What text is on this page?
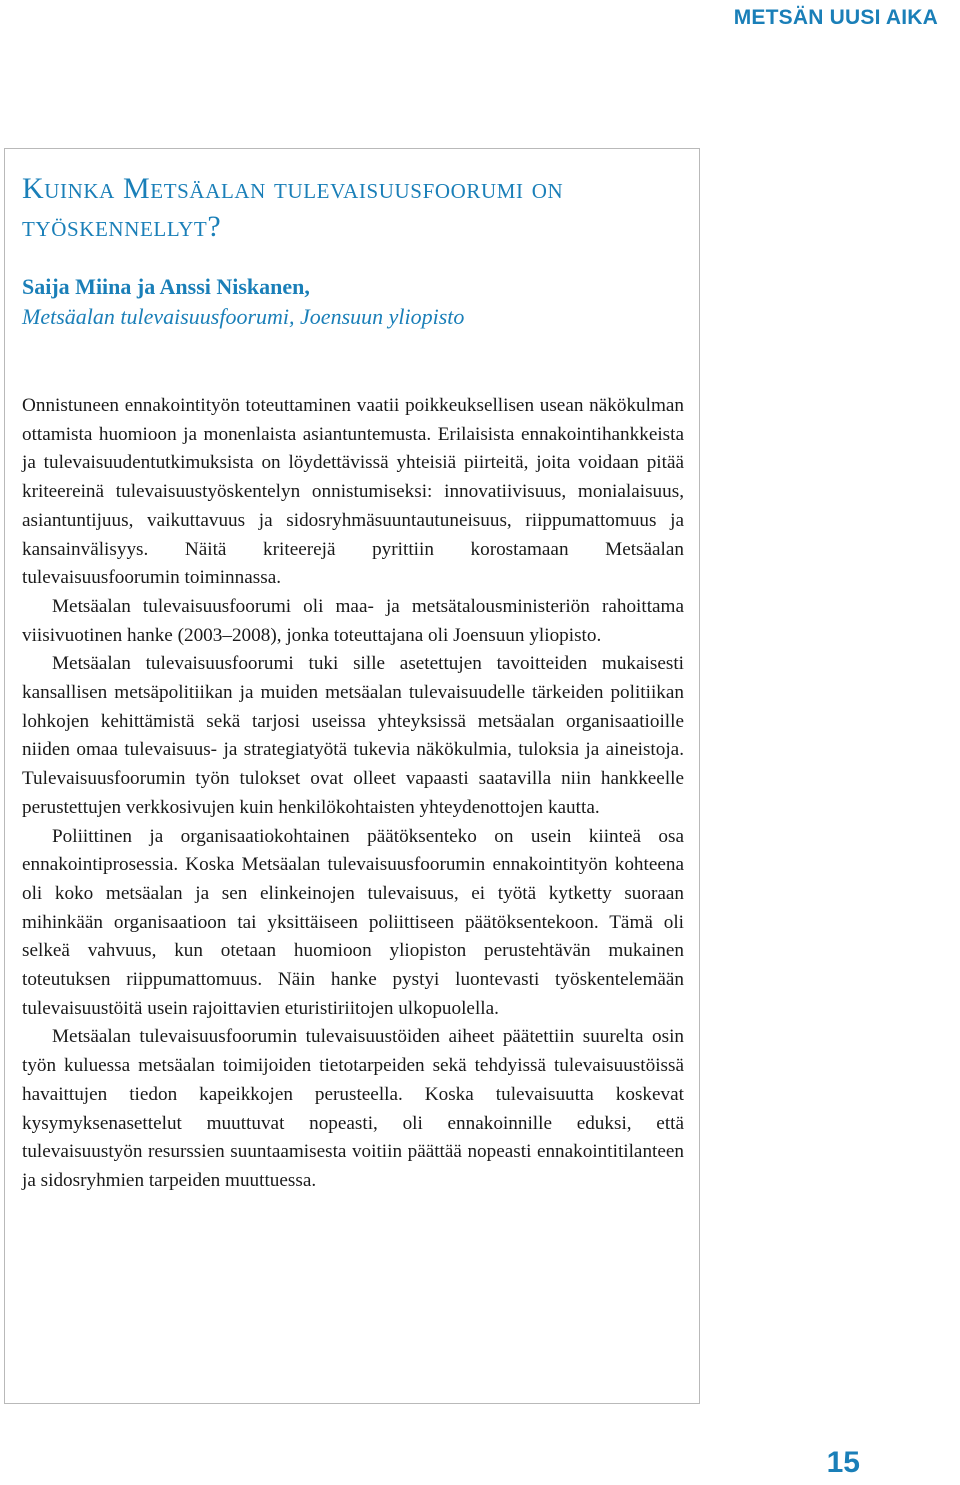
METSÄN UUSI AIKA
Kuinka Metsäalan tulevaisuusfoorumi on työskennellyt?
Saija Miina ja Anssi Niskanen,
Metsäalan tulevaisuusfoorumi, Joensuun yliopisto

Onnistuneen ennakointityön toteuttaminen vaatii poikkeuksellisen usean näkökulman ottamista huomioon ja monenlaista asiantuntemusta. Erilaisista ennakointihankkeista ja tulevaisuudentutkimuksista on löydettävissä yhteisiä piirteitä, joita voidaan pitää kriteereinä tulevaisuustyöskentelyn onnistumiseksi: innovatiivisuus, monialaisuus, asiantuntijuus, vaikuttavuus ja sidosryhmäsuuntautuneisuus, riippumattomuus ja kansainvälisyys. Näitä kriteerejä pyrittiin korostamaan Metsäalan tulevaisuusfoorumin toiminnassa.

Metsäalan tulevaisuusfoorumi oli maa- ja metsätalousministeriön rahoittama viisivuotinen hanke (2003–2008), jonka toteuttajana oli Joensuun yliopisto.

Metsäalan tulevaisuusfoorumi tuki sille asetettujen tavoitteiden mukaisesti kansallisen metsäpolitiikan ja muiden metsäalan tulevaisuudelle tärkeiden politiikan lohkojen kehittämistä sekä tarjosi useissa yhteyksissä metsäalan organisaatioille niiden omaa tulevaisuus- ja strategiatyötä tukevia näkökulmia, tuloksia ja aineistoja. Tulevaisuusfoorumin työn tulokset ovat olleet vapaasti saatavilla niin hankkeelle perustettujen verkkosivujen kuin henkilökohtaisten yhteydenottojen kautta.

Poliittinen ja organisaatiokohtainen päätöksenteko on usein kiinteä osa ennakointiprosessia. Koska Metsäalan tulevaisuusfoorumin ennakointityön kohteena oli koko metsäalan ja sen elinkeinojen tulevaisuus, ei työtä kytketty suoraan mihinkään organisaatioon tai yksittäiseen poliittiseen päätöksentekoon. Tämä oli selkeä vahvuus, kun otetaan huomioon yliopiston perustehtävän mukainen toteutuksen riippumattomuus. Näin hanke pystyi luontevasti työskentelemään tulevaisuustöitä usein rajoittavien eturistiriitojen ulkopuolella.

Metsäalan tulevaisuusfoorumin tulevaisuustöiden aiheet päätettiin suurelta osin työn kuluessa metsäalan toimijoiden tietotarpeiden sekä tehdyissä tulevaisuustöissä havaittujen tiedon kapeikkojen perusteella. Koska tulevaisuutta koskevat kysymyksenasettelut muuttuvat nopeasti, oli ennakoinnille eduksi, että tulevaisuustyön resurssien suuntaamisesta voitiin päättää nopeasti ennakointitilanteen ja sidosryhmien tarpeiden muuttuessa.

15
